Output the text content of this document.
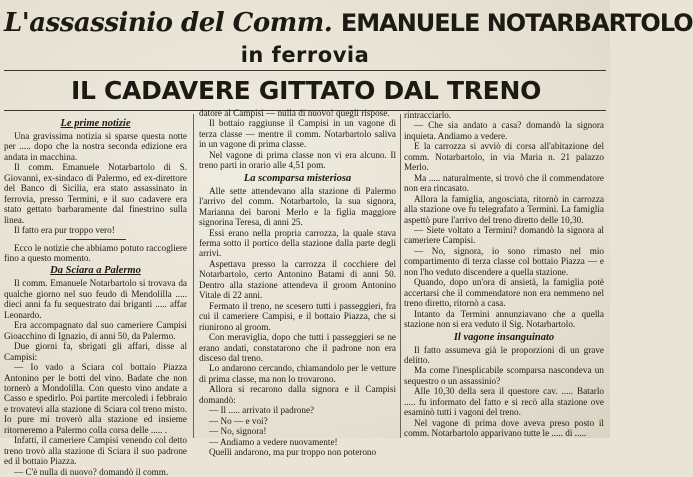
L'assassinio del Comm. EMANUELE NOTARBARTOLO
in ferrovia
IL CADAVERE GITTATO DAL TRENO
Le prime notizie

Una gravissima notizia si sparse questa notte per ..... dopo che la nostra seconda edizione era andata in macchina.

Il comm. Emanuele Notarbartolo di S. Giovanni, ex-sindaco di Palermo, ed ex-direttore del Banco di Sicilia, era stato assassinato in ferrovia, presso Termini, e il suo cadavere era stato gettato barbaramente dal finestrino sulla linea.

Il fatto era pur troppo vero!

Ecco le notizie che abbiamo potuto raccogliere fino a questo momento.

Da Sciara a Palermo

Il comm. Emanuele Notarbartolo si trovava da qualche giorno nel suo feudo di Mendolilla ..... dieci anni fa fu sequestrato dai briganti ..... affar Leonardo.

Era accompagnato dal suo cameriere Campisi Gioacchino di Ignazio, di anni 50, da Palermo.

Due giorni fa, sbrigati gli affari, disse al Campisi:

— Io vado a Sciara col bottaio Piazza Antonino per le botti del vino. Badate che non tornerò a Mondolilla. Con questo vino andate a Casso e spedirlo. Poi partite mercoledì i febbraio e trovatevi alla stazione di Sciara col treno misto. Io pure mi troverò alla stazione ed insieme ritorneremo a Palermo colla corsa delle ..... .

Infatti, il cameriere Campisi venendo col detto treno trovò alla stazione di Sciara il suo padrone ed il bottaio Piazza.

— C'è nulla di nuovo? domandò il comm.

datore al Campisi — nulla di nuovo! quegli rispose.

Il bottaio raggiunse il Campisi in un vagone di terza classe — mentre il comm. Notarbartolo saliva in un vagone di prima classe.

Nel vagone di prima classe non vi era alcuno. Il treno parti in orario alle 4,51 pom.

La scomparsa misteriosa

Alle sette attendevano alla stazione di Palermo l'arrivo del comm. Notarbartolo, la sua signora, Marianna dei baroni Merlo e la figlia maggiore signorina Teresa, di anni 25.

Essi erano nella propria carrozza, la quale stava ferma sotto il portico della stazione dalla parte degli arrivi.

Aspettava presso la carrozza il cocchiere del Notarbartolo, certo Antonino Batami di anni 50. Dentro alla stazione attendeva il groom Antonino Vitale di 22 anni.

Fermato il treno, ne scesero tutti i passeggieri, fra cui il cameriere Campisi, e il bottaio Piazza, che si riunirono al groom.

Con meraviglia, dopo che tutti i passeggieri se ne erano andati, constatarono che il padrone non era disceso dal treno.

Lo andarono cercando, chiamandolo per le vetture di prima classe, ma non lo trovarono.

Allora si recarono dalla signora e il Campisi domandò:

— Il ..... arrivato il padrone?

— No — e voi?

— No, signora!

— Andiamo a vedere nuovamente!

Quelli andarono, ma pur troppo non poterono

rintracciarlo.

— Che sia andato a casa? domandò la signora inquieta. Andiamo a vedere.

E la carrozza si avviò di corsa all'abitazione del comm. Notarbartolo, in via Maria n. 21 palazzo Merlo.

Ma ..... naturalmente, si trovò che il commendatore non era rincasato.

Allora la famiglia, angosciata, ritornò in carrozza alla stazione ove fu telegrafato a Termini. La famiglia aspettò pure l'arrivo del treno diretto delle 10,30.

— Siete voltato a Termini? domandò la signora al cameriere Campisi.

— No, signora, io sono rimasto nel mio compartimento di terza classe col bottaio Piazza — e non l'ho veduto discendere a quella stazione.

Quando, dopo un'ora di ansietà, la famiglia potè accertarsi che il commendatore non era nemmeno nel treno diretto, ritornò a casa.

Intanto da Termini annunziavano che a quella stazione non si era veduto il Sig. Notarbartolo.

Il vagone insanguinato

Il fatto assumeva già le proporzioni di un grave delitto.

Ma come l'inesplicabile scomparsa nascondeva un sequestro o un assassinio?

Alle 10,30 della sera il questore cav. ..... Batarlo ..... fu informato del fatto e si recò alla stazione ove esaminò tutti i vagoni del treno.

Nel vagone di prima dove aveva preso posto il comm. Notarbartolo apparivano tutte le ..... di .....
